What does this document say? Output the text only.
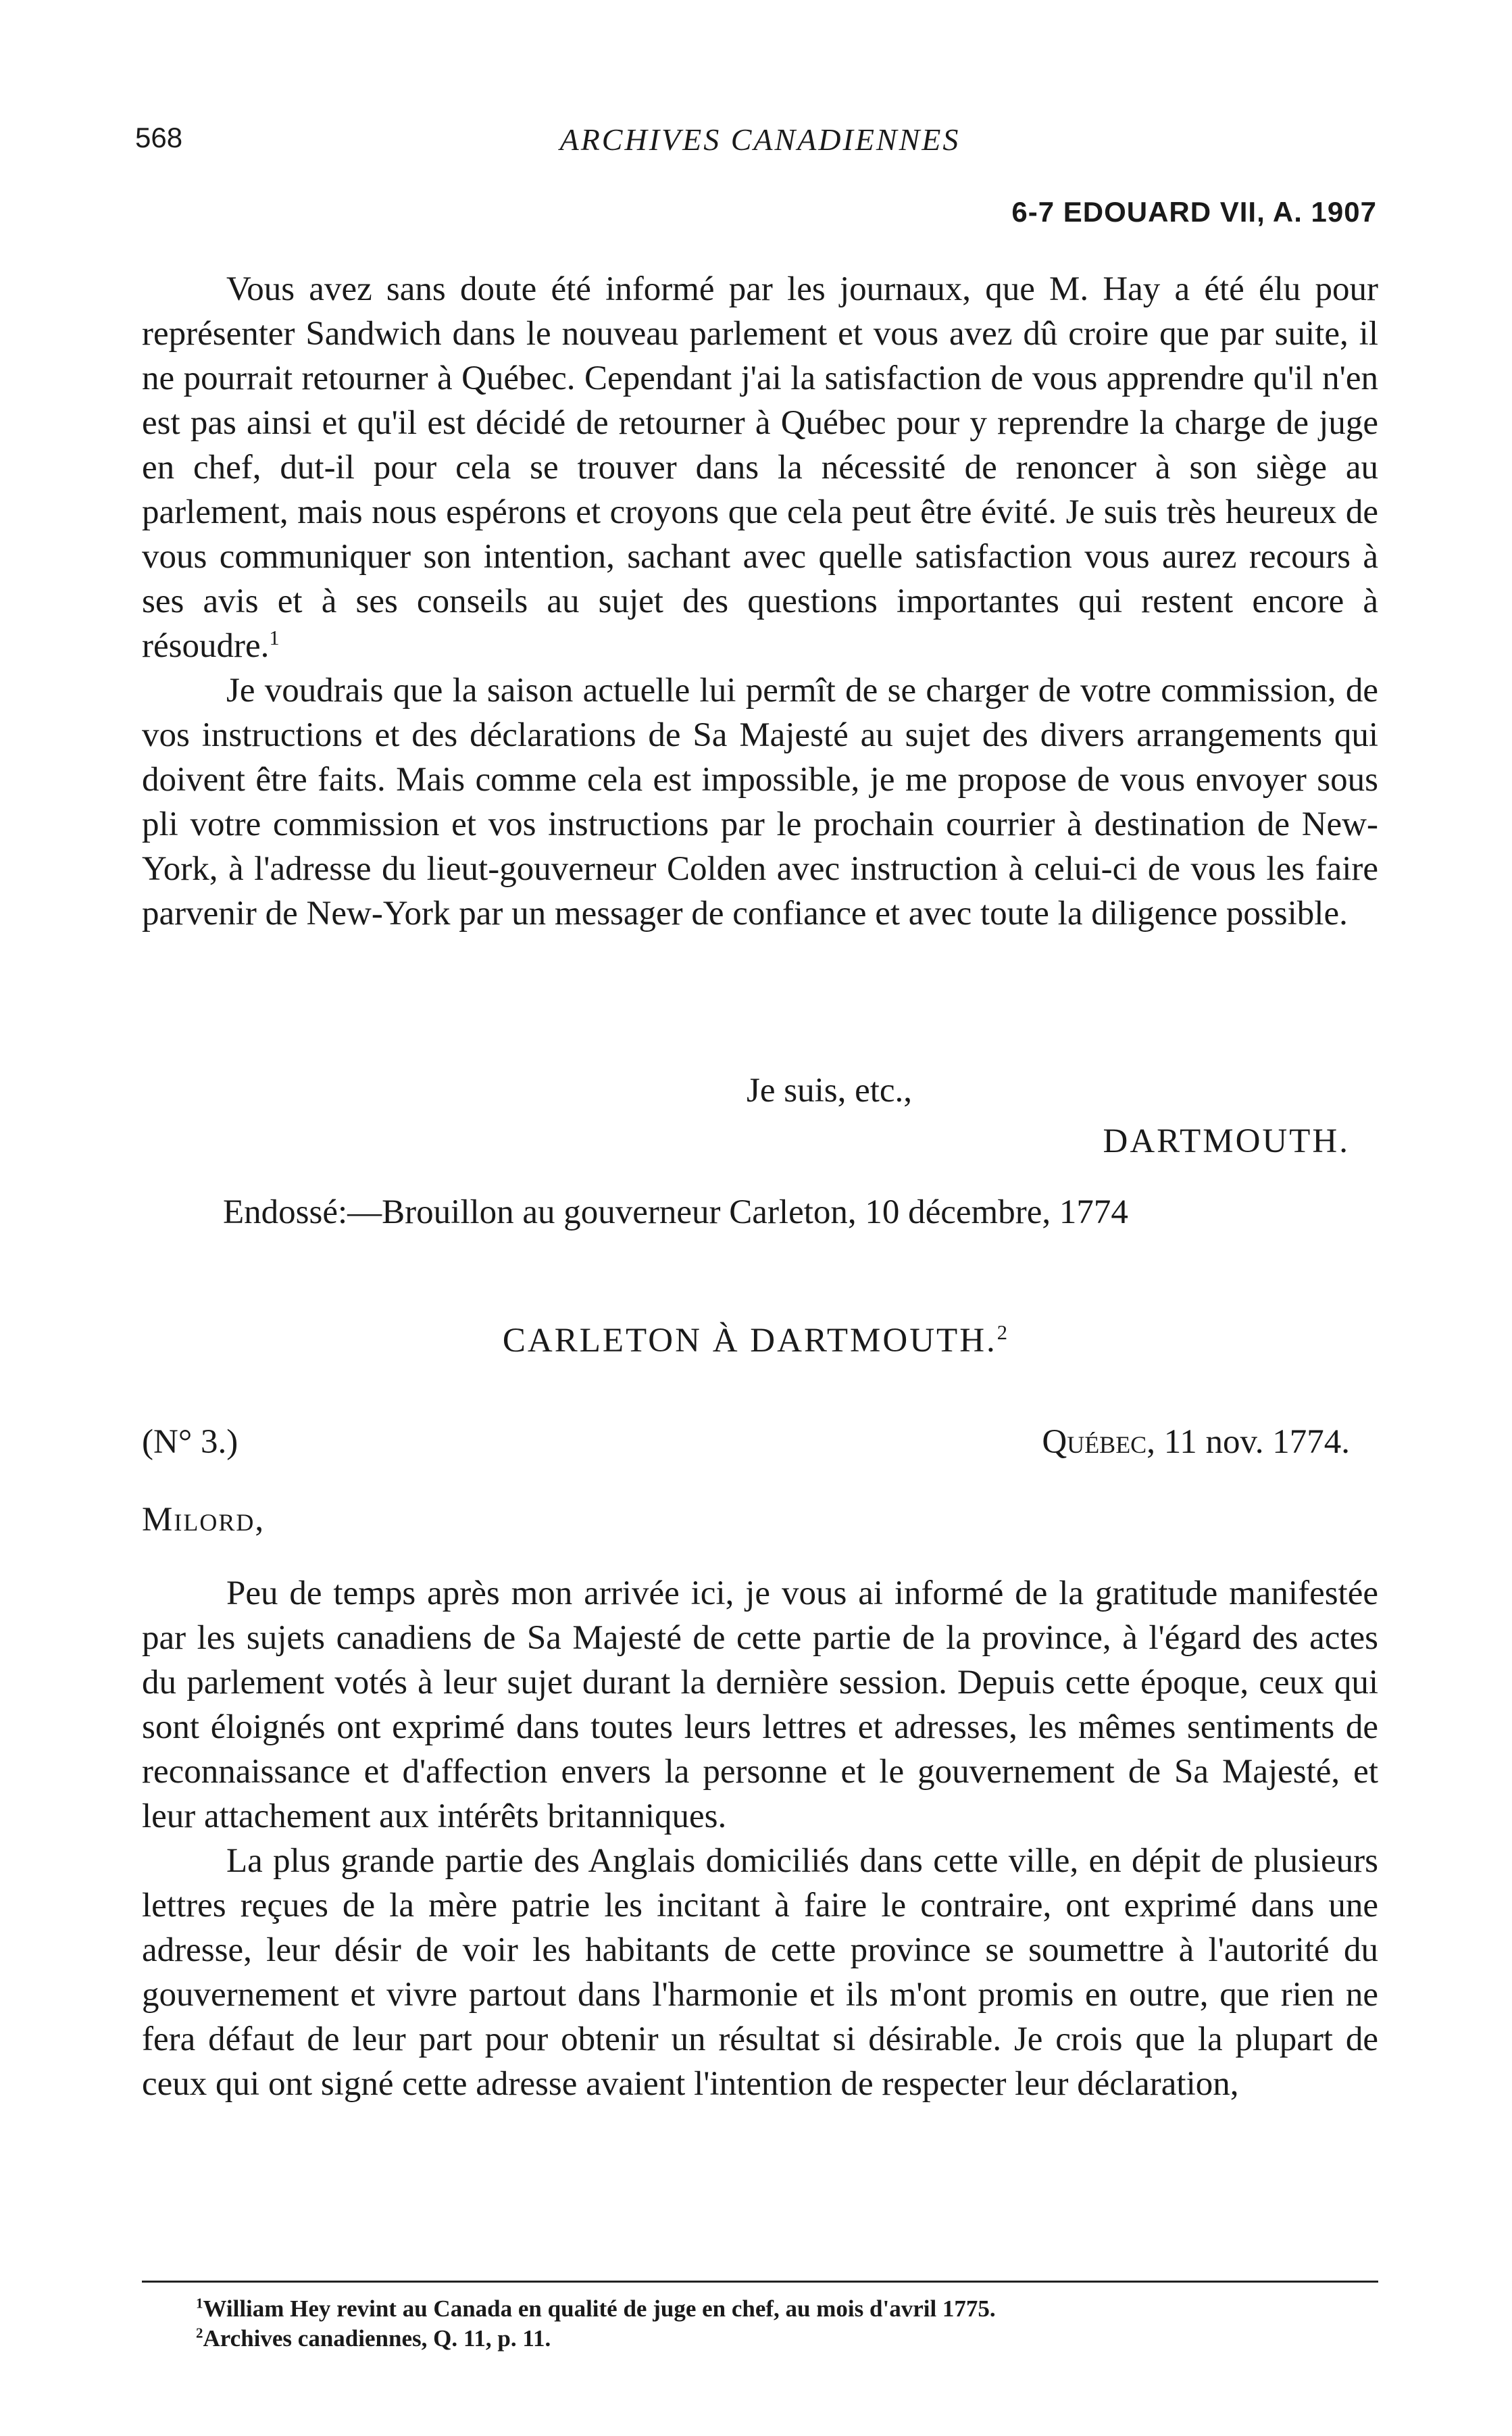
568	ARCHIVES CANADIENNES
6-7 EDOUARD VII, A. 1907

Vous avez sans doute été informé par les journaux, que M. Hay a été élu pour représenter Sandwich dans le nouveau parlement et vous avez dû croire que par suite, il ne pourrait retourner à Québec. Cependant j'ai la satisfaction de vous apprendre qu'il n'en est pas ainsi et qu'il est décidé de retourner à Québec pour y reprendre la charge de juge en chef, dut-il pour cela se trouver dans la nécessité de renoncer à son siège au parlement, mais nous espérons et croyons que cela peut être évité. Je suis très heureux de vous communiquer son intention, sachant avec quelle satisfaction vous aurez recours à ses avis et à ses conseils au sujet des questions importantes qui restent encore à résoudre.$^1$

Je voudrais que la saison actuelle lui permît de se charger de votre commission, de vos instructions et des déclarations de Sa Majesté au sujet des divers arrangements qui doivent être faits. Mais comme cela est impossible, je me propose de vous envoyer sous pli votre commission et vos instructions par le prochain courrier à destination de New-York, à l'adresse du lieut-gouverneur Colden avec instruction à celui-ci de vous les faire parvenir de New-York par un messager de confiance et avec toute la diligence possible.

Je suis, etc.,
DARTMOUTH.
Endossé:—Brouillon au gouverneur Carleton, 10 décembre, 1774
CARLETON À DARTMOUTH.$^2$
(N° 3.)	Québec, 11 nov. 1774.
Milord,

Peu de temps après mon arrivée ici, je vous ai informé de la gratitude manifestée par les sujets canadiens de Sa Majesté de cette partie de la province, à l'égard des actes du parlement votés à leur sujet durant la dernière session. Depuis cette époque, ceux qui sont éloignés ont exprimé dans toutes leurs lettres et adresses, les mêmes sentiments de reconnaissance et d'affection envers la personne et le gouvernement de Sa Majesté, et leur attachement aux intérêts britanniques.

La plus grande partie des Anglais domiciliés dans cette ville, en dépit de plusieurs lettres reçues de la mère patrie les incitant à faire le contraire, ont exprimé dans une adresse, leur désir de voir les habitants de cette province se soumettre à l'autorité du gouvernement et vivre partout dans l'harmonie et ils m'ont promis en outre, que rien ne fera défaut de leur part pour obtenir un résultat si désirable. Je crois que la plupart de ceux qui ont signé cette adresse avaient l'intention de respecter leur déclaration,

$^1$William Hey revint au Canada en qualité de juge en chef, au mois d'avril 1775.
$^2$Archives canadiennes, Q. 11, p. 11.
